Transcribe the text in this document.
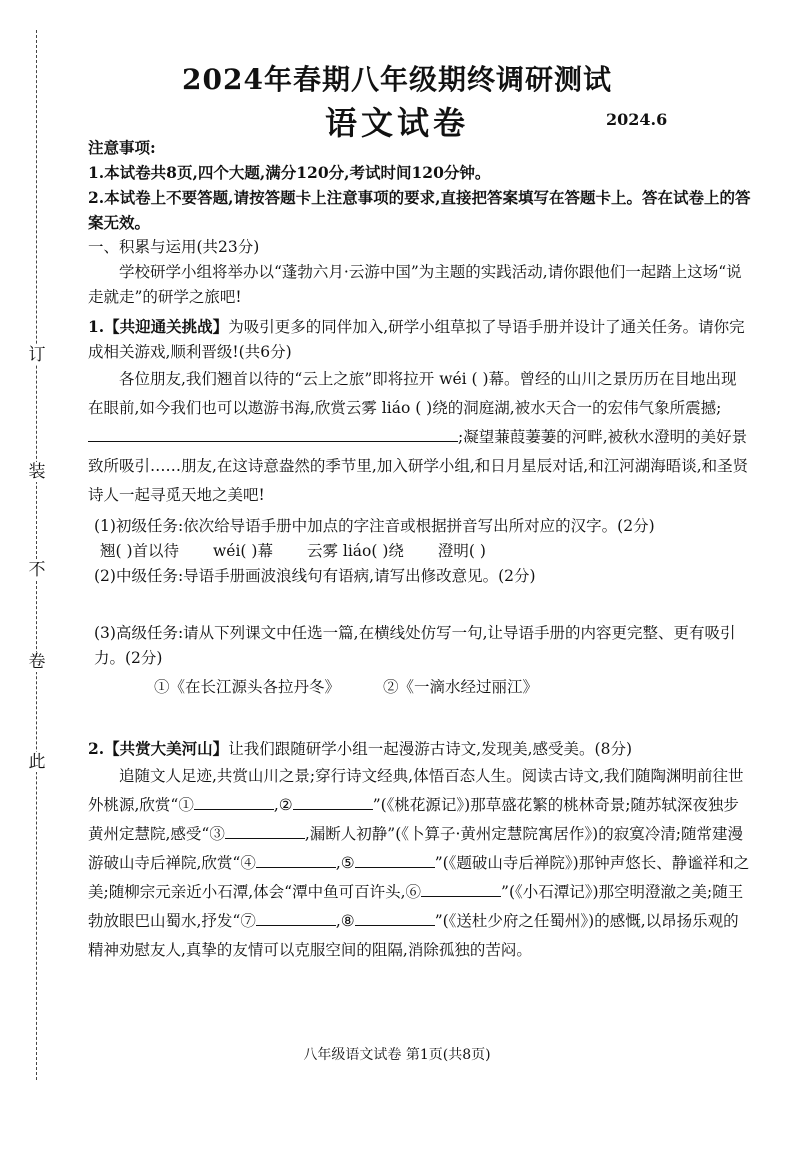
订
装
不
卷
此
2024年春期八年级期终调研测试
语文试卷	2024.6

注意事项:

1.本试卷共8页,四个大题,满分120分,考试时间120分钟。

2.本试卷上不要答题,请按答题卡上注意事项的要求,直接把答案填写在答题卡上。答在试卷上的答案无效。

一、积累与运用(共23分)

学校研学小组将举办以“蓬勃六月·云游中国”为主题的实践活动,请你跟他们一起踏上这场“说走就走”的研学之旅吧!

1.【共迎通关挑战】为吸引更多的同伴加入,研学小组草拟了导语手册并设计了通关任务。请你完成相关游戏,顺利晋级!(共6分)

各位朋友,我们翘首以待的“云上之旅”即将拉开 wéi ( )幕。曾经的山川之景历历在目地出现在眼前,如今我们也可以遨游书海,欣赏云雾 liáo ( )绕的洞庭湖,被水天合一的宏伟气象所震撼;;凝望蒹葭萋萋的河畔,被秋水澄明的美好景致所吸引……朋友,在这诗意盎然的季节里,加入研学小组,和日月星辰对话,和江河湖海晤谈,和圣贤诗人一起寻觅天地之美吧!

(1)初级任务:依次给导语手册中加点的字注音或根据拼音写出所对应的汉字。(2分)

翘( )首以待 wéi( )幕 云雾 liáo( )绕 澄明( )

(2)中级任务:导语手册画波浪线句有语病,请写出修改意见。(2分)

(3)高级任务:请从下列课文中任选一篇,在横线处仿写一句,让导语手册的内容更完整、更有吸引力。(2分)

①《在长江源头各拉丹冬》	②《一滴水经过丽江》

2.【共赏大美河山】让我们跟随研学小组一起漫游古诗文,发现美,感受美。(8分)

追随文人足迹,共赏山川之景;穿行诗文经典,体悟百态人生。阅读古诗文,我们随陶渊明前往世外桃源,欣赏“①	,②	”(《桃花源记》)那草盛花繁的桃林奇景;随苏轼深夜独步黄州定慧院,感受“③	,漏断人初静”(《卜算子·黄州定慧院寓居作》)的寂寞冷清;随常建漫游破山寺后禅院,欣赏“④	,⑤	”(《题破山寺后禅院》)那钟声悠长、静谧祥和之美;随柳宗元亲近小石潭,体会“潭中鱼可百许头,⑥	”(《小石潭记》)那空明澄澈之美;随王勃放眼巴山蜀水,抒发“⑦	,⑧	”(《送杜少府之任蜀州》)的感慨,以昂扬乐观的精神劝慰友人,真挚的友情可以克服空间的阻隔,消除孤独的苦闷。

八年级语文试卷 第1页(共8页)
